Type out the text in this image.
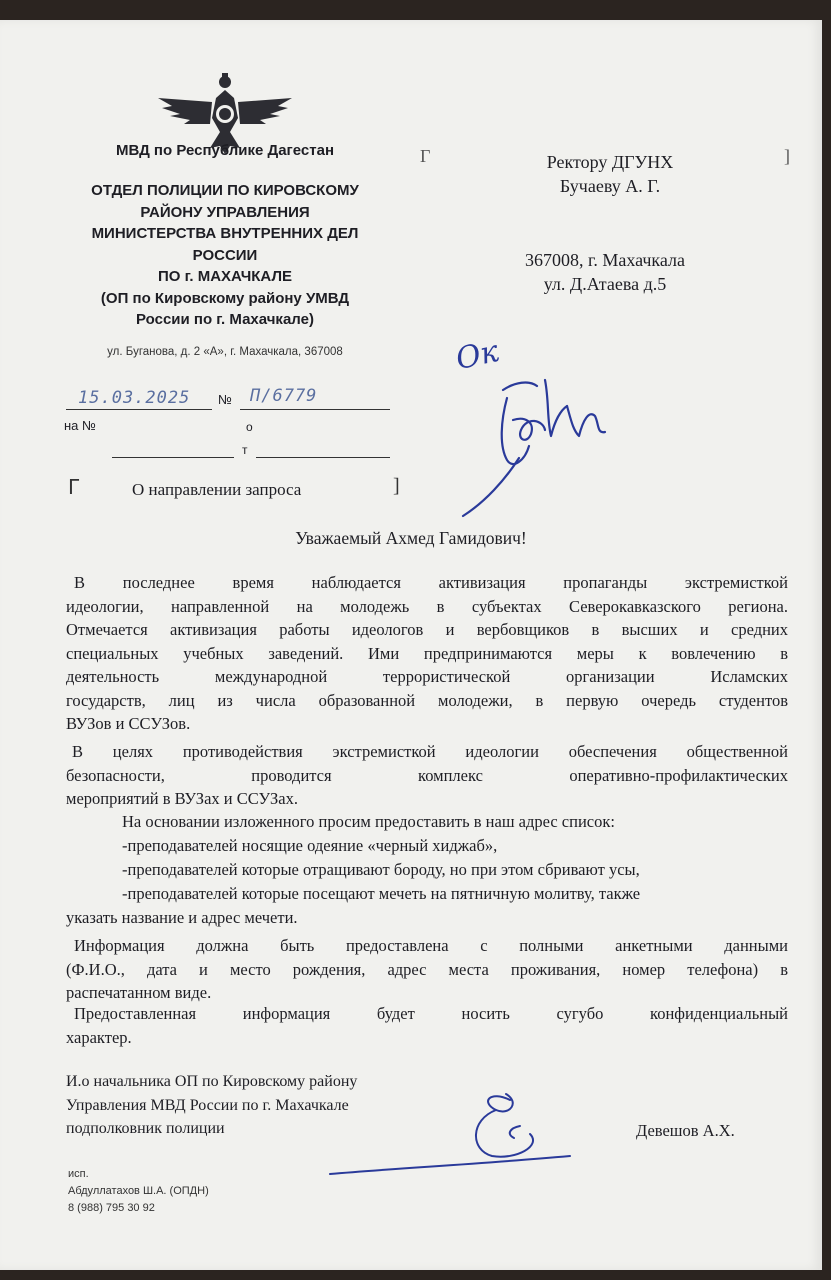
МВД по Республике Дагестан
ОТДЕЛ ПОЛИЦИИ ПО КИРОВСКОМУ
РАЙОНУ УПРАВЛЕНИЯ
МИНИСТЕРСТВА ВНУТРЕННИХ ДЕЛ
РОССИИ
ПО г. МАХАЧКАЛЕ
(ОП по Кировскому району УМВД
России по г. Махачкале)
ул. Буганова, д. 2 «А», г. Махачкала, 367008
15.03.2025 № П/6779
на №	о
т
Г	О направлении запроса	]
Г	]
Ректору ДГУНХ
Бучаеву А. Г.
367008, г. Махачкала
ул. Д.Атаева д.5
Ок
Уважаемый Ахмед Гамидович!
В последнее время наблюдается активизация пропаганды экстремисткой
идеологии, направленной на молодежь в субъектах Северокавказского региона.
Отмечается активизация работы идеологов и вербовщиков в высших и средних
специальных учебных заведений. Ими предпринимаются меры к вовлечению в
деятельность международной террористической организации Исламских
государств, лиц из числа образованной молодежи, в первую очередь студентов
ВУЗов и ССУЗов.
В целях противодействия экстремисткой идеологии обеспечения общественной
безопасности, проводится комплекс оперативно-профилактических
мероприятий в ВУЗах и ССУЗах.
На основании изложенного просим предоставить в наш адрес список:
-преподавателей носящие одеяние «черный хиджаб»,
-преподавателей которые отращивают бороду, но при этом сбривают усы,
-преподавателей которые посещают мечеть на пятничную молитву, также
указать название и адрес мечети.
Информация должна быть предоставлена с полными анкетными данными
(Ф.И.О., дата и место рождения, адрес места проживания, номер телефона) в
распечатанном виде.
Предоставленная информация будет носить сугубо конфиденциальный
характер.
И.о начальника ОП по Кировскому району
Управления МВД России по г. Махачкале
подполковник полиции	Девешов А.Х.
исп.
Абдуллатахов Ш.А. (ОПДН)
8 (988) 795 30 92
